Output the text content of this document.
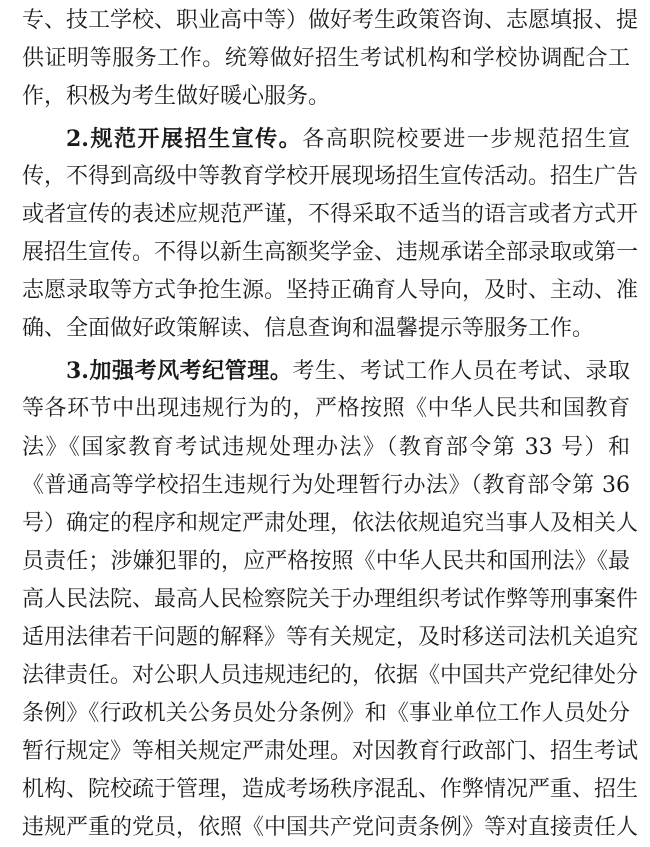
专、技工学校、职业高中等）做好考生政策咨询、志愿填报、提
供证明等服务工作。统筹做好招生考试机构和学校协调配合工
作，积极为考生做好暖心服务。
2.规范开展招生宣传。各高职院校要进一步规范招生宣
传，不得到高级中等教育学校开展现场招生宣传活动。招生广告
或者宣传的表述应规范严谨，不得采取不适当的语言或者方式开
展招生宣传。不得以新生高额奖学金、违规承诺全部录取或第一
志愿录取等方式争抢生源。坚持正确育人导向，及时、主动、准
确、全面做好政策解读、信息查询和温馨提示等服务工作。
3.加强考风考纪管理。考生、考试工作人员在考试、录取
等各环节中出现违规行为的，严格按照《中华人民共和国教育
法》《国家教育考试违规处理办法》（教育部令第 33 号）和
《普通高等学校招生违规行为处理暂行办法》（教育部令第 36
号）确定的程序和规定严肃处理，依法依规追究当事人及相关人
员责任；涉嫌犯罪的，应严格按照《中华人民共和国刑法》《最
高人民法院、最高人民检察院关于办理组织考试作弊等刑事案件
适用法律若干问题的解释》等有关规定，及时移送司法机关追究
法律责任。对公职人员违规违纪的，依据《中国共产党纪律处分
条例》《行政机关公务员处分条例》和《事业单位工作人员处分
暂行规定》等相关规定严肃处理。对因教育行政部门、招生考试
机构、院校疏于管理，造成考场秩序混乱、作弊情况严重、招生
违规严重的党员，依照《中国共产党问责条例》等对直接责任人
